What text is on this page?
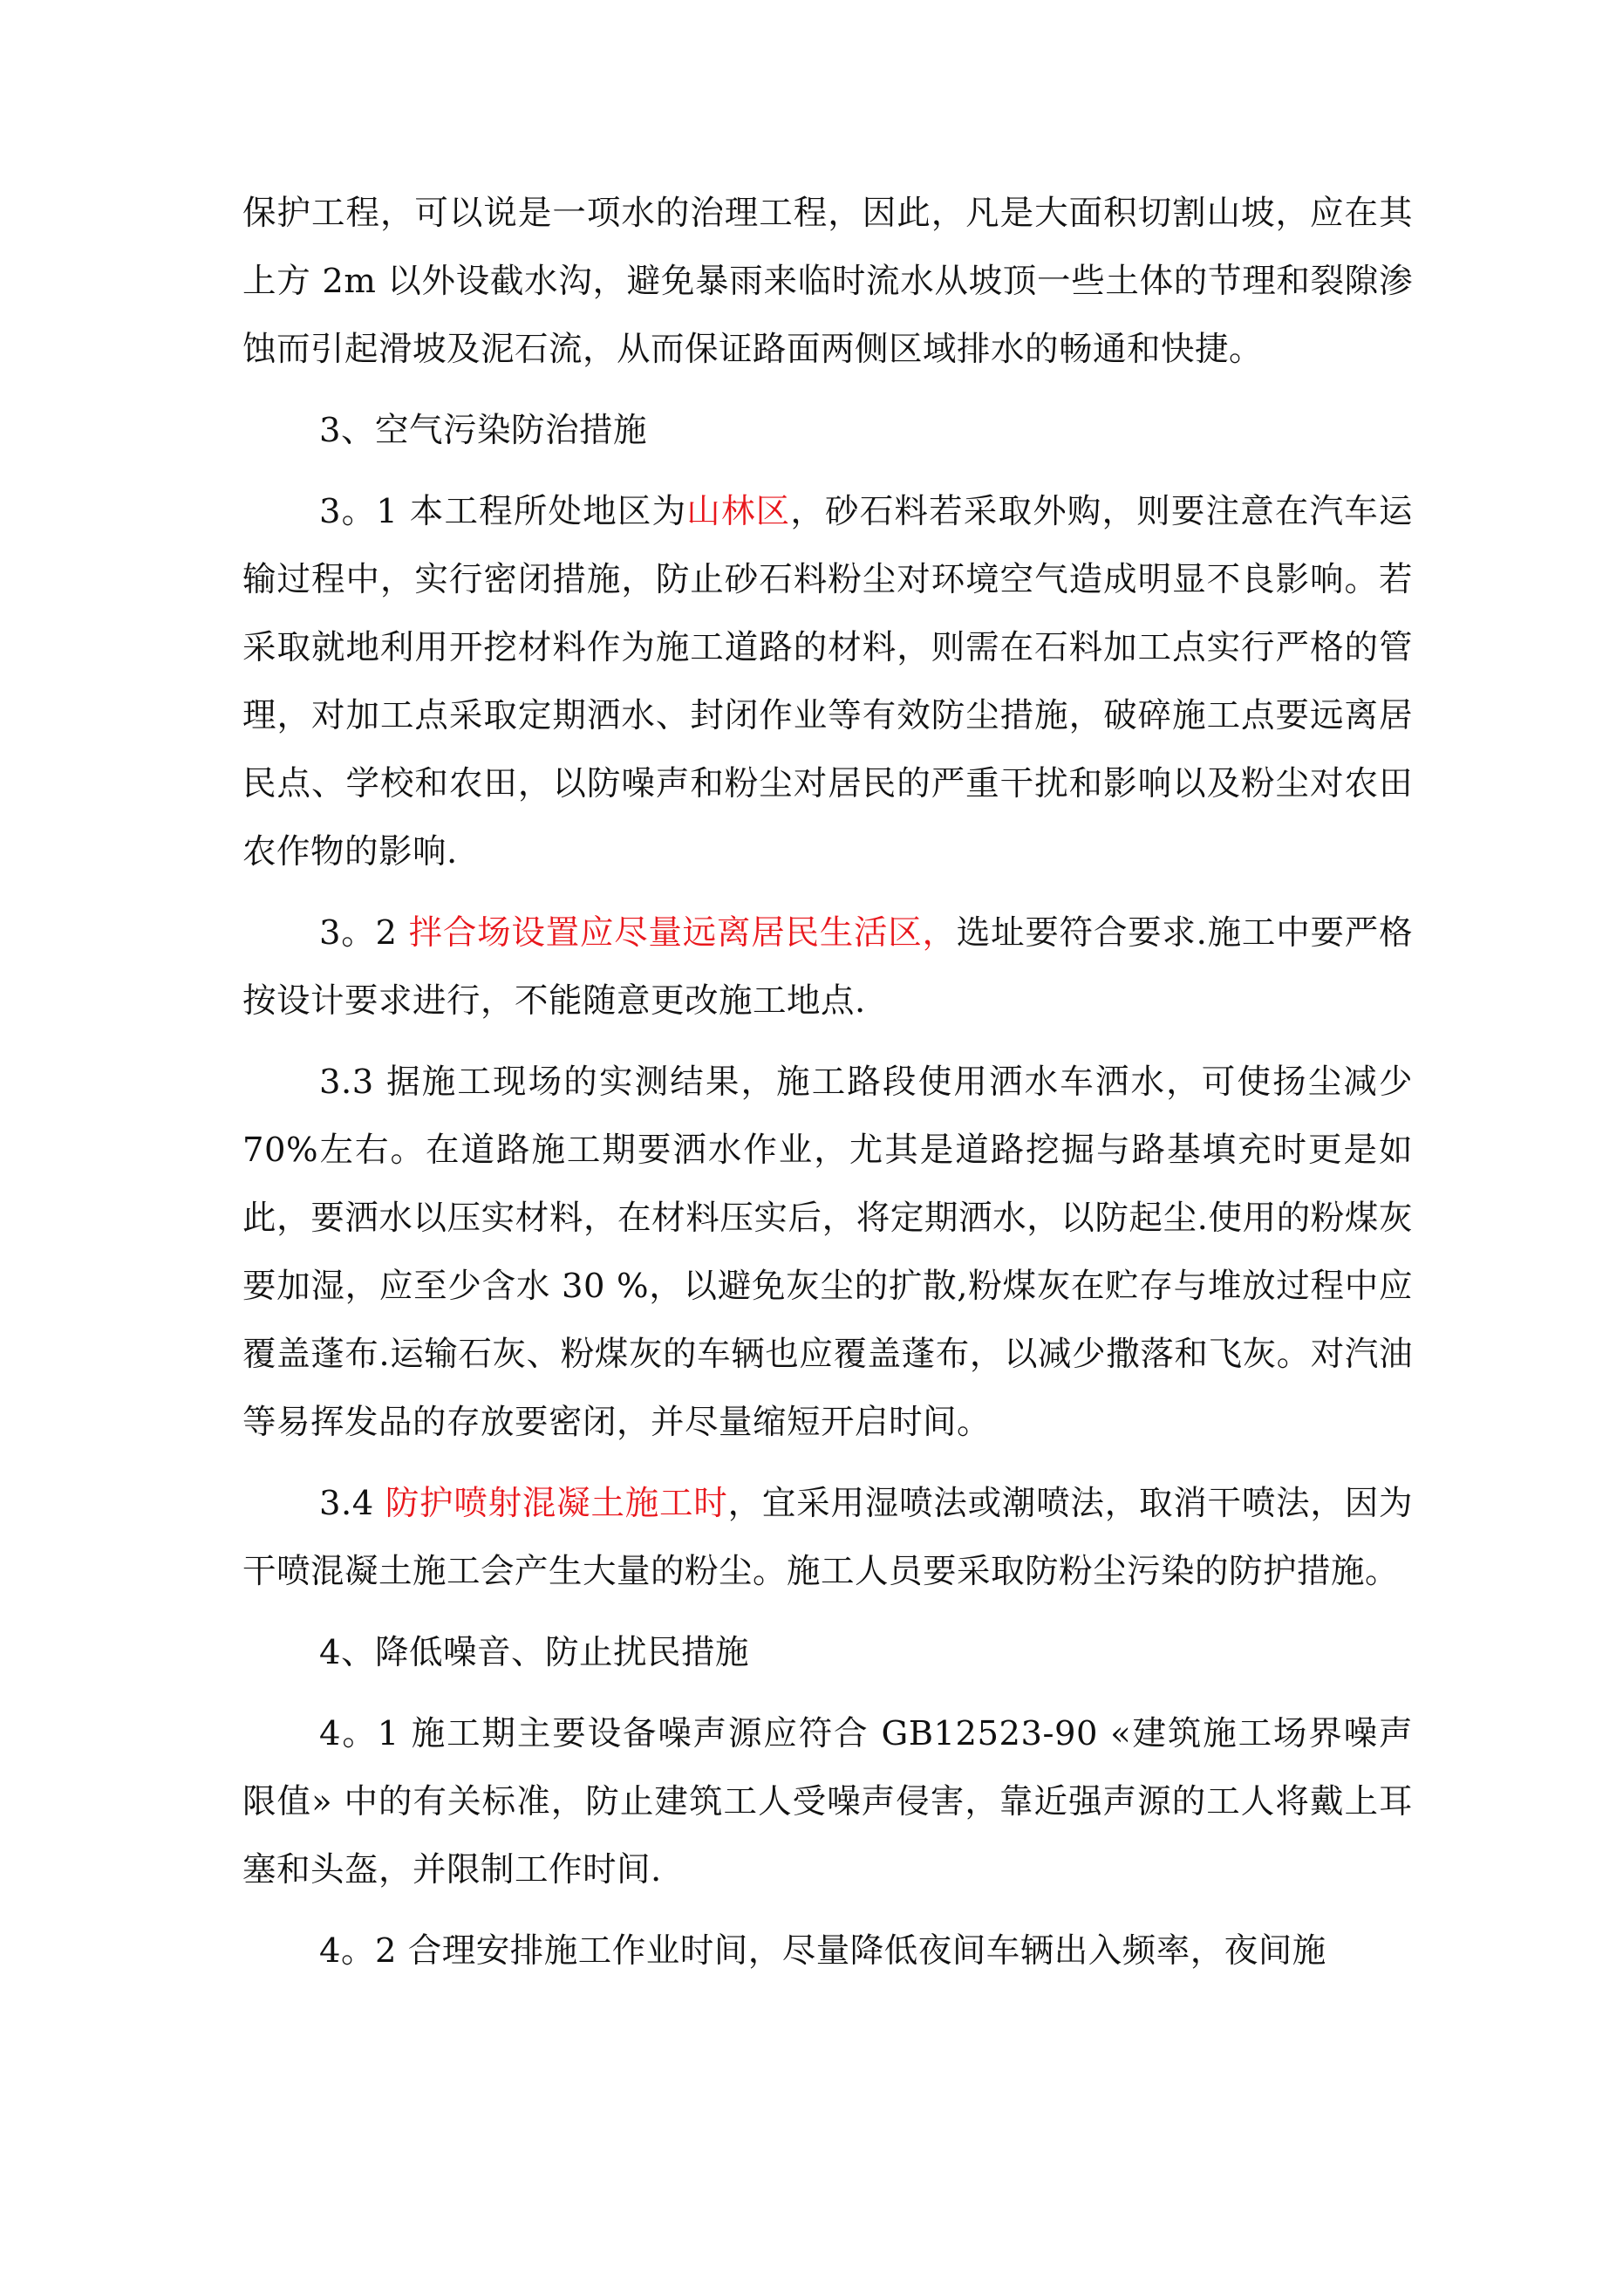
保护工程，可以说是一项水的治理工程，因此，凡是大面积切割山坡，应在其上方 2m 以外设截水沟，避免暴雨来临时流水从坡顶一些土体的节理和裂隙渗蚀而引起滑坡及泥石流，从而保证路面两侧区域排水的畅通和快捷。

3、空气污染防治措施

3。1 本工程所处地区为山林区，砂石料若采取外购，则要注意在汽车运输过程中，实行密闭措施，防止砂石料粉尘对环境空气造成明显不良影响。若采取就地利用开挖材料作为施工道路的材料，则需在石料加工点实行严格的管理，对加工点采取定期洒水、封闭作业等有效防尘措施，破碎施工点要远离居民点、学校和农田，以防噪声和粉尘对居民的严重干扰和影响以及粉尘对农田农作物的影响.

3。2 拌合场设置应尽量远离居民生活区，选址要符合要求.施工中要严格按设计要求进行，不能随意更改施工地点.

3.3 据施工现场的实测结果，施工路段使用洒水车洒水，可使扬尘减少 70%左右。在道路施工期要洒水作业，尤其是道路挖掘与路基填充时更是如此，要洒水以压实材料，在材料压实后，将定期洒水，以防起尘.使用的粉煤灰要加湿，应至少含水 30 %，以避免灰尘的扩散,粉煤灰在贮存与堆放过程中应覆盖蓬布.运输石灰、粉煤灰的车辆也应覆盖蓬布，以减少撒落和飞灰。对汽油等易挥发品的存放要密闭，并尽量缩短开启时间。

3.4 防护喷射混凝土施工时，宜采用湿喷法或潮喷法，取消干喷法，因为干喷混凝土施工会产生大量的粉尘。施工人员要采取防粉尘污染的防护措施。

4、降低噪音、防止扰民措施

4。1 施工期主要设备噪声源应符合 GB12523-90 «建筑施工场界噪声限值» 中的有关标准，防止建筑工人受噪声侵害，靠近强声源的工人将戴上耳塞和头盔，并限制工作时间.

4。2 合理安排施工作业时间，尽量降低夜间车辆出入频率，夜间施
